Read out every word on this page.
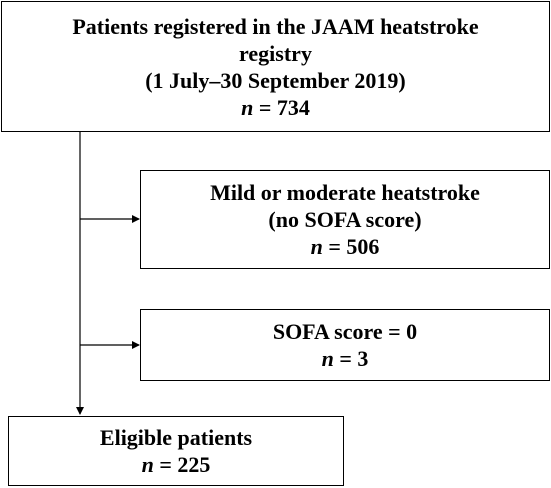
Patients registered in the JAAM heatstroke
registry
(1 July–30 September 2019)
n = 734
Mild or moderate heatstroke
(no SOFA score)
n = 506
SOFA score = 0
n = 3
Eligible patients
n = 225
